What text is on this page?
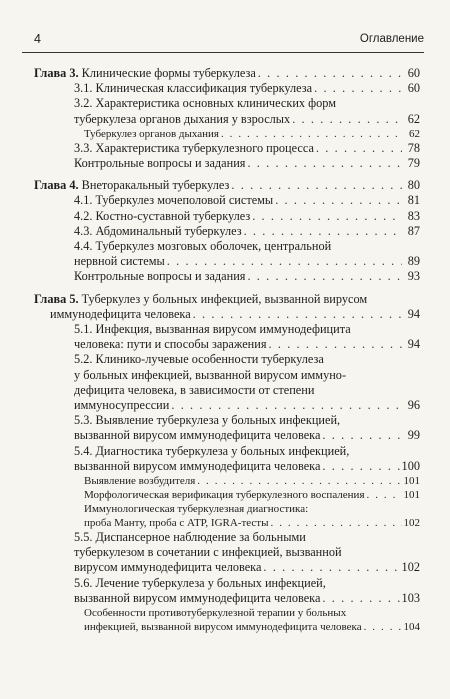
4	Оглавление
Глава 3. Клинические формы туберкулеза . . .	60
3.1. Клиническая классификация туберкулеза . . .	60
3.2. Характеристика основных клинических форм
туберкулеза органов дыхания у взрослых . . .	62
Туберкулез органов дыхания . . .	62
3.3. Характеристика туберкулезного процесса . . .	78
Контрольные вопросы и задания . . .	79
Глава 4. Внеторакальный туберкулез . . .	80
4.1. Туберкулез мочеполовой системы . . .	81
4.2. Костно-суставной туберкулез . . .	83
4.3. Абдоминальный туберкулез . . .	87
4.4. Туберкулез мозговых оболочек, центральной
нервной системы . . .	89
Контрольные вопросы и задания . . .	93
Глава 5. Туберкулез у больных инфекцией, вызванной вирусом
иммунодефицита человека . . .	94
5.1. Инфекция, вызванная вирусом иммунодефицита
человека: пути и способы заражения . . .	94
5.2. Клинико-лучевые особенности туберкулеза
у больных инфекцией, вызванной вирусом иммуно-
дефицита человека, в зависимости от степени
иммуносупрессии . . .	96
5.3. Выявление туберкулеза у больных инфекцией,
вызванной вирусом иммунодефицита человека . . .	99
5.4. Диагностика туберкулеза у больных инфекцией,
вызванной вирусом иммунодефицита человека . . .	100
Выявление возбудителя . . .	101
Морфологическая верификация туберкулезного воспаления . . .	101
Иммунологическая туберкулезная диагностика:
проба Манту, проба с АТР, IGRA-тесты . . .	102
5.5. Диспансерное наблюдение за больными
туберкулезом в сочетании с инфекцией, вызванной
вирусом иммунодефицита человека . . .	102
5.6. Лечение туберкулеза у больных инфекцией,
вызванной вирусом иммунодефицита человека . . .	103
Особенности противотуберкулезной терапии у больных
инфекцией, вызванной вирусом иммунодефицита человека . . .	104
